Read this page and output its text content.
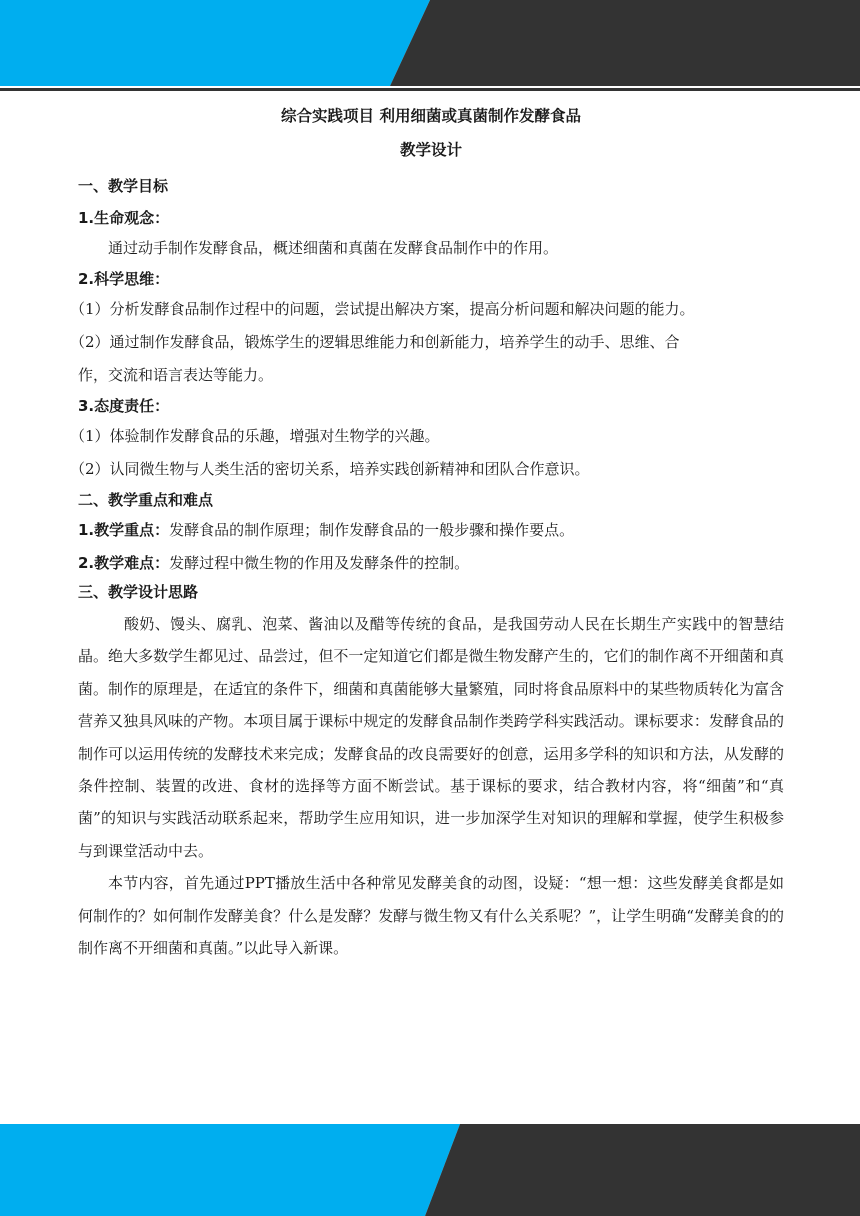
综合实践项目 利用细菌或真菌制作发酵食品
教学设计
一、教学目标
1.生命观念：

通过动手制作发酵食品，概述细菌和真菌在发酵食品制作中的作用。

2.科学思维：

（1）分析发酵食品制作过程中的问题，尝试提出解决方案，提高分析问题和解决问题的能力。

（2）通过制作发酵食品，锻炼学生的逻辑思维能力和创新能力，培养学生的动手、思维、合

作，交流和语言表达等能力。

3.态度责任：

（1）体验制作发酵食品的乐趣，增强对生物学的兴趣。

（2）认同微生物与人类生活的密切关系，培养实践创新精神和团队合作意识。

二、教学重点和难点

1.教学重点：发酵食品的制作原理；制作发酵食品的一般步骤和操作要点。

2.教学难点：发酵过程中微生物的作用及发酵条件的控制。

三、教学设计思路

酸奶、馒头、腐乳、泡菜、酱油以及醋等传统的食品，是我国劳动人民在长期生产实践中的智慧结晶。绝大多数学生都见过、品尝过，但不一定知道它们都是微生物发酵产生的，它们的制作离不开细菌和真菌。制作的原理是，在适宜的条件下，细菌和真菌能够大量繁殖，同时将食品原料中的某些物质转化为富含营养又独具风味的产物。本项目属于课标中规定的发酵食品制作类跨学科实践活动。课标要求：发酵食品的制作可以运用传统的发酵技术来完成；发酵食品的改良需要好的创意，运用多学科的知识和方法，从发酵的条件控制、装置的改进、食材的选择等方面不断尝试。基于课标的要求，结合教材内容，将“细菌”和“真菌”的知识与实践活动联系起来，帮助学生应用知识，进一步加深学生对知识的理解和掌握，使学生积极参与到课堂活动中去。

本节内容，首先通过PPT播放生活中各种常见发酵美食的动图，设疑：“想一想：这些发酵美食都是如何制作的？如何制作发酵美食？什么是发酵？发酵与微生物又有什么关系呢？”，让学生明确“发酵美食的的制作离不开细菌和真菌。”以此导入新课。
